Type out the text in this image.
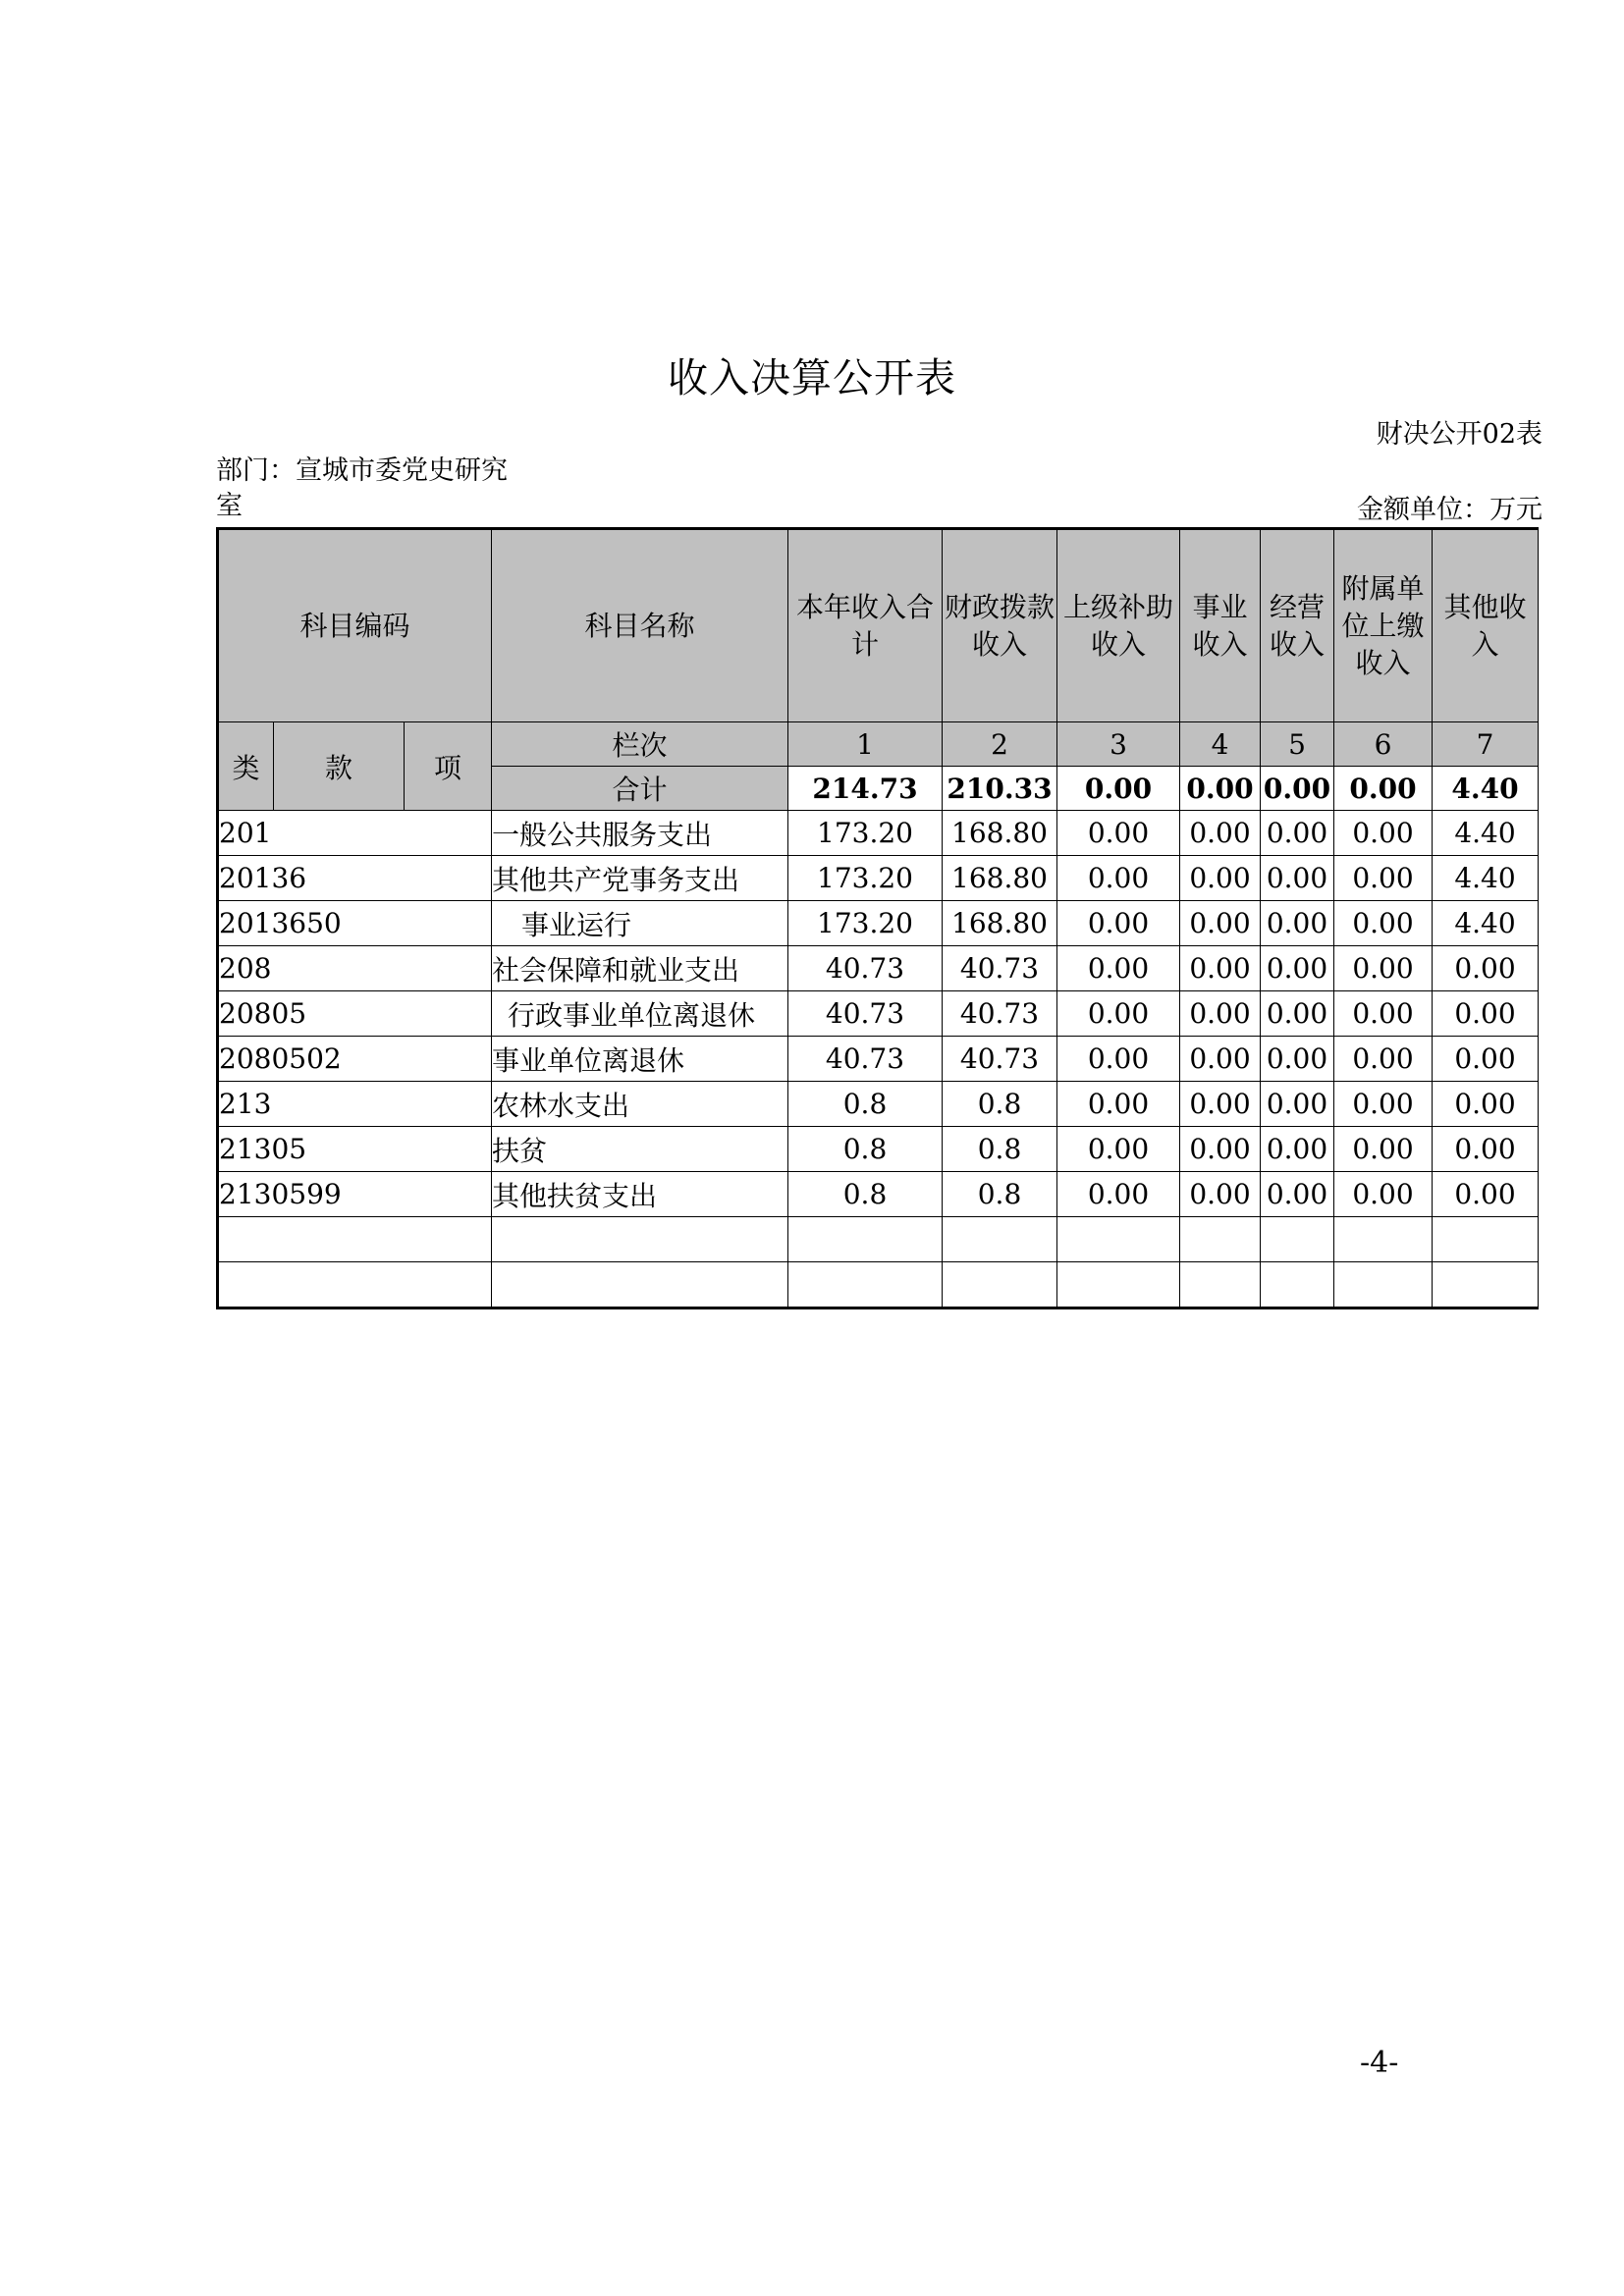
收入决算公开表
财决公开02表
部门：宣城市委党史研究室	金额单位：万元
科目编码			科目名称	本年收入合计	财政拨款收入	上级补助收入	事业收入	经营收入	附属单位上缴收入	其他收入
类	款	项	栏次	1	2	3	4	5	6	7
			合计	214.73	210.33	0.00	0.00	0.00	0.00	4.40
201			一般公共服务支出	173.20	168.80	0.00	0.00	0.00	0.00	4.40
20136			其他共产党事务支出	173.20	168.80	0.00	0.00	0.00	0.00	4.40
2013650			事业运行	173.20	168.80	0.00	0.00	0.00	0.00	4.40
208			社会保障和就业支出	40.73	40.73	0.00	0.00	0.00	0.00	0.00
20805			行政事业单位离退休	40.73	40.73	0.00	0.00	0.00	0.00	0.00
2080502			事业单位离退休	40.73	40.73	0.00	0.00	0.00	0.00	0.00
213			农林水支出	0.8	0.8	0.00	0.00	0.00	0.00	0.00
21305			扶贫	0.8	0.8	0.00	0.00	0.00	0.00	0.00
2130599			其他扶贫支出	0.8	0.8	0.00	0.00	0.00	0.00	0.00

-4-
